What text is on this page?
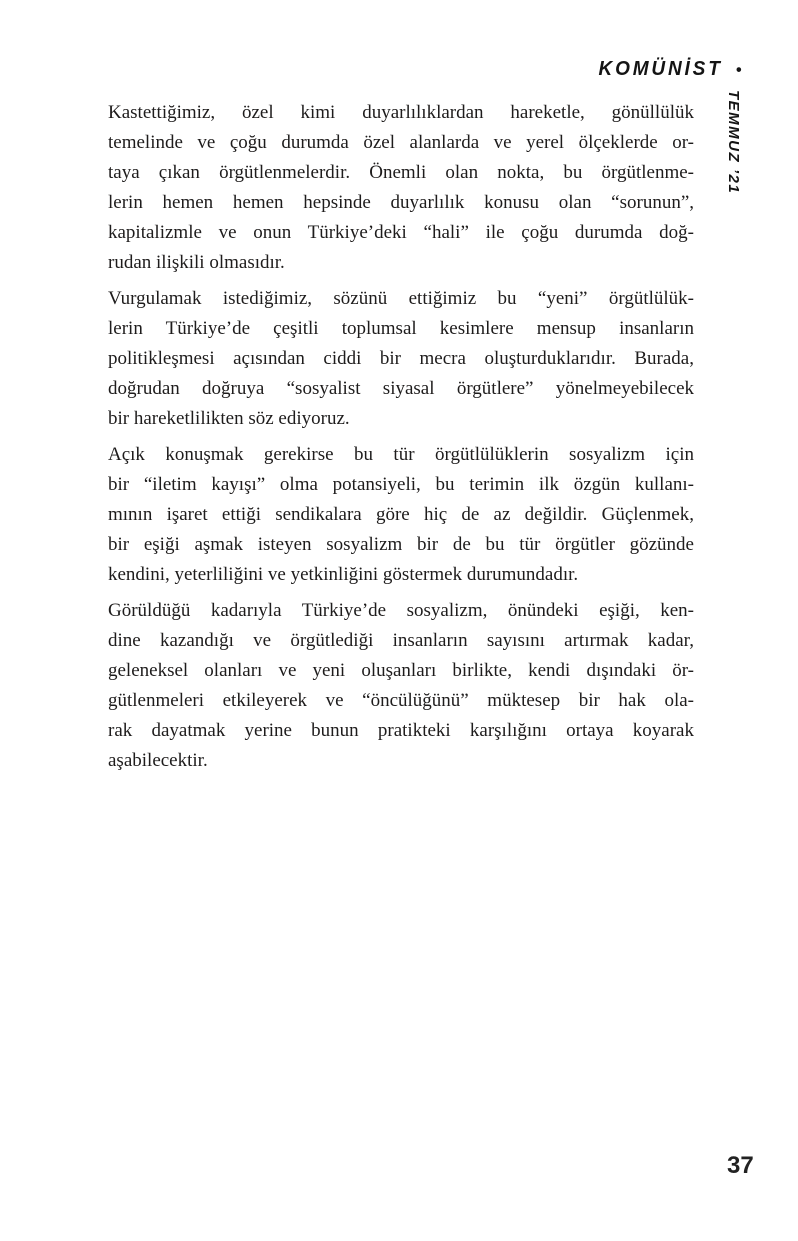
KOMÜNİST •
TEMMUZ ’21
Kastettiğimiz, özel kimi duyarlılıklardan hareketle, gönüllülük
temelinde ve çoğu durumda özel alanlarda ve yerel ölçeklerde or-
taya çıkan örgütlenmelerdir. Önemli olan nokta, bu örgütlenme-
lerin hemen hemen hepsinde duyarlılık konusu olan “sorunun”,
kapitalizmle ve onun Türkiye’deki “hali” ile çoğu durumda doğ-
rudan ilişkili olmasıdır.
Vurgulamak istediğimiz, sözünü ettiğimiz bu “yeni” örgütlülük-
lerin Türkiye’de çeşitli toplumsal kesimlere mensup insanların
politikleşmesi açısından ciddi bir mecra oluşturduklarıdır. Burada,
doğrudan doğruya “sosyalist siyasal örgütlere” yönelmeyebilecek
bir hareketlilikten söz ediyoruz.
Açık konuşmak gerekirse bu tür örgütlülüklerin sosyalizm için
bir “iletim kayışı” olma potansiyeli, bu terimin ilk özgün kullanı-
mının işaret ettiği sendikalara göre hiç de az değildir. Güçlenmek,
bir eşiği aşmak isteyen sosyalizm bir de bu tür örgütler gözünde
kendini, yeterliliğini ve yetkinliğini göstermek durumundadır.
Görüldüğü kadarıyla Türkiye’de sosyalizm, önündeki eşiği, ken-
dine kazandığı ve örgütlediği insanların sayısını artırmak kadar,
geleneksel olanları ve yeni oluşanları birlikte, kendi dışındaki ör-
gütlenmeleri etkileyerek ve “öncülüğünü” müktesep bir hak ola-
rak dayatmak yerine bunun pratikteki karşılığını ortaya koyarak
aşabilecektir.
37
